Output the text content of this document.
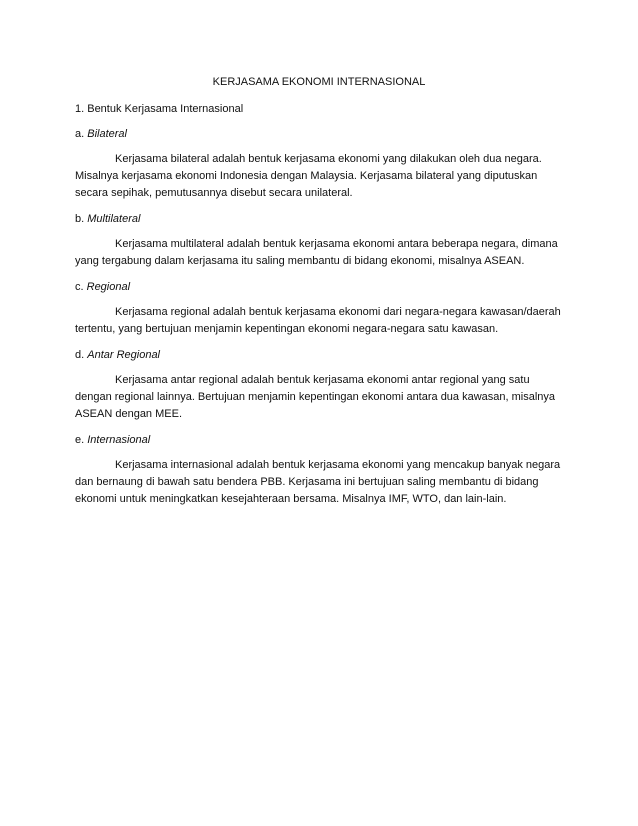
KERJASAMA EKONOMI INTERNASIONAL
1. Bentuk Kerjasama Internasional
a. Bilateral

Kerjasama bilateral adalah bentuk kerjasama ekonomi yang dilakukan oleh dua negara. Misalnya kerjasama ekonomi Indonesia dengan Malaysia. Kerjasama bilateral yang diputuskan secara sepihak, pemutusannya disebut secara unilateral.

b. Multilateral

Kerjasama multilateral adalah bentuk kerjasama ekonomi antara beberapa negara, dimana yang tergabung dalam kerjasama itu saling membantu di bidang ekonomi, misalnya ASEAN.

c. Regional

Kerjasama regional adalah bentuk kerjasama ekonomi dari negara-negara kawasan/daerah tertentu, yang bertujuan menjamin kepentingan ekonomi negara-negara satu kawasan.

d. Antar Regional

Kerjasama antar regional adalah bentuk kerjasama ekonomi antar regional yang satu dengan regional lainnya. Bertujuan menjamin kepentingan ekonomi antara dua kawasan, misalnya ASEAN dengan MEE.

e. Internasional

Kerjasama internasional adalah bentuk kerjasama ekonomi yang mencakup banyak negara dan bernaung di bawah satu bendera PBB. Kerjasama ini bertujuan saling membantu di bidang ekonomi untuk meningkatkan kesejahteraan bersama. Misalnya IMF, WTO, dan lain-lain.
